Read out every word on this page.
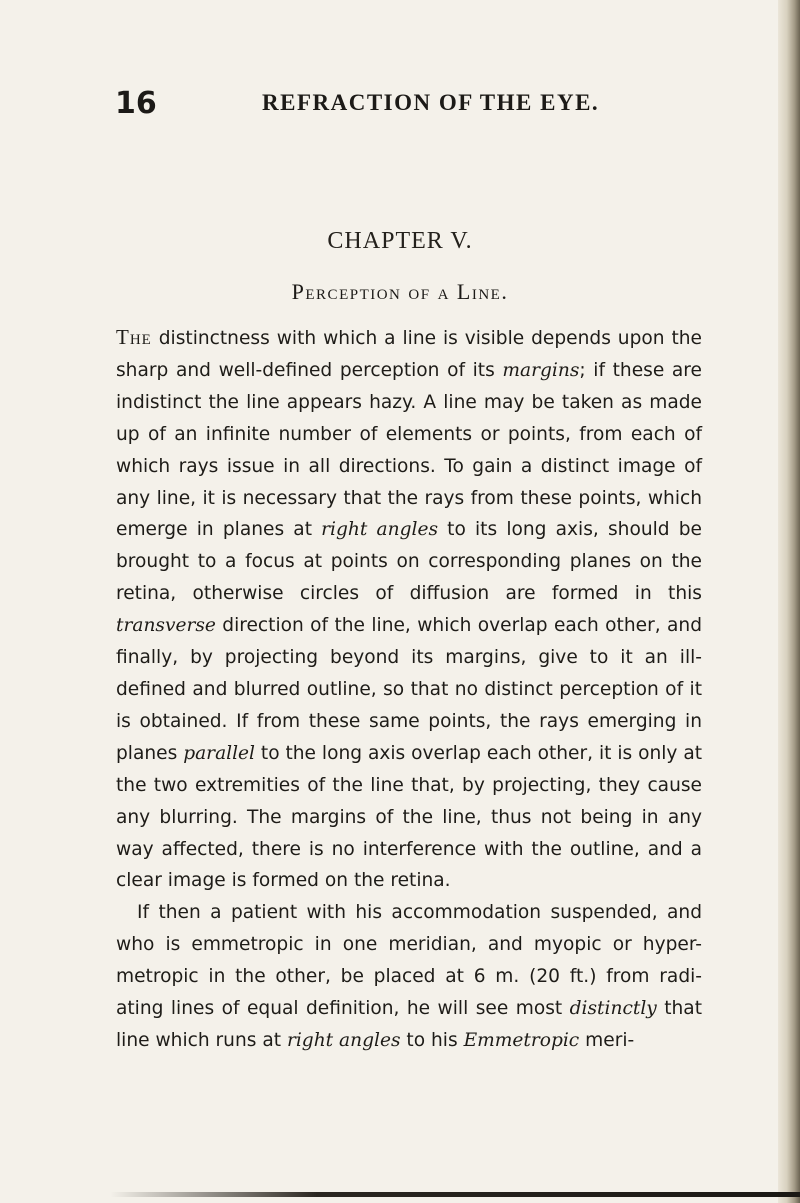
16	REFRACTION OF THE EYE.
CHAPTER V.
Perception of a Line.

The distinctness with which a line is visible depends upon the sharp and well-defined perception of its margins; if these are indistinct the line appears hazy. A line may be taken as made up of an infinite number of elements or points, from each of which rays issue in all directions. To gain a distinct image of any line, it is necessary that the rays from these points, which emerge in planes at right angles to its long axis, should be brought to a focus at points on corresponding planes on the retina, otherwise circles of diffusion are formed in this transverse direction of the line, which overlap each other, and finally, by projecting beyond its margins, give to it an ill-defined and blurred outline, so that no distinct perception of it is obtained. If from these same points, the rays emerging in planes parallel to the long axis overlap each other, it is only at the two extremities of the line that, by projecting, they cause any blurring. The margins of the line, thus not being in any way affected, there is no interference with the outline, and a clear image is formed on the retina.

If then a patient with his accommodation suspended, and who is emmetropic in one meridian, and myopic or hyper-metropic in the other, be placed at 6 m. (20 ft.) from radi-ating lines of equal definition, he will see most distinctly that line which runs at right angles to his Emmetropic meri-
